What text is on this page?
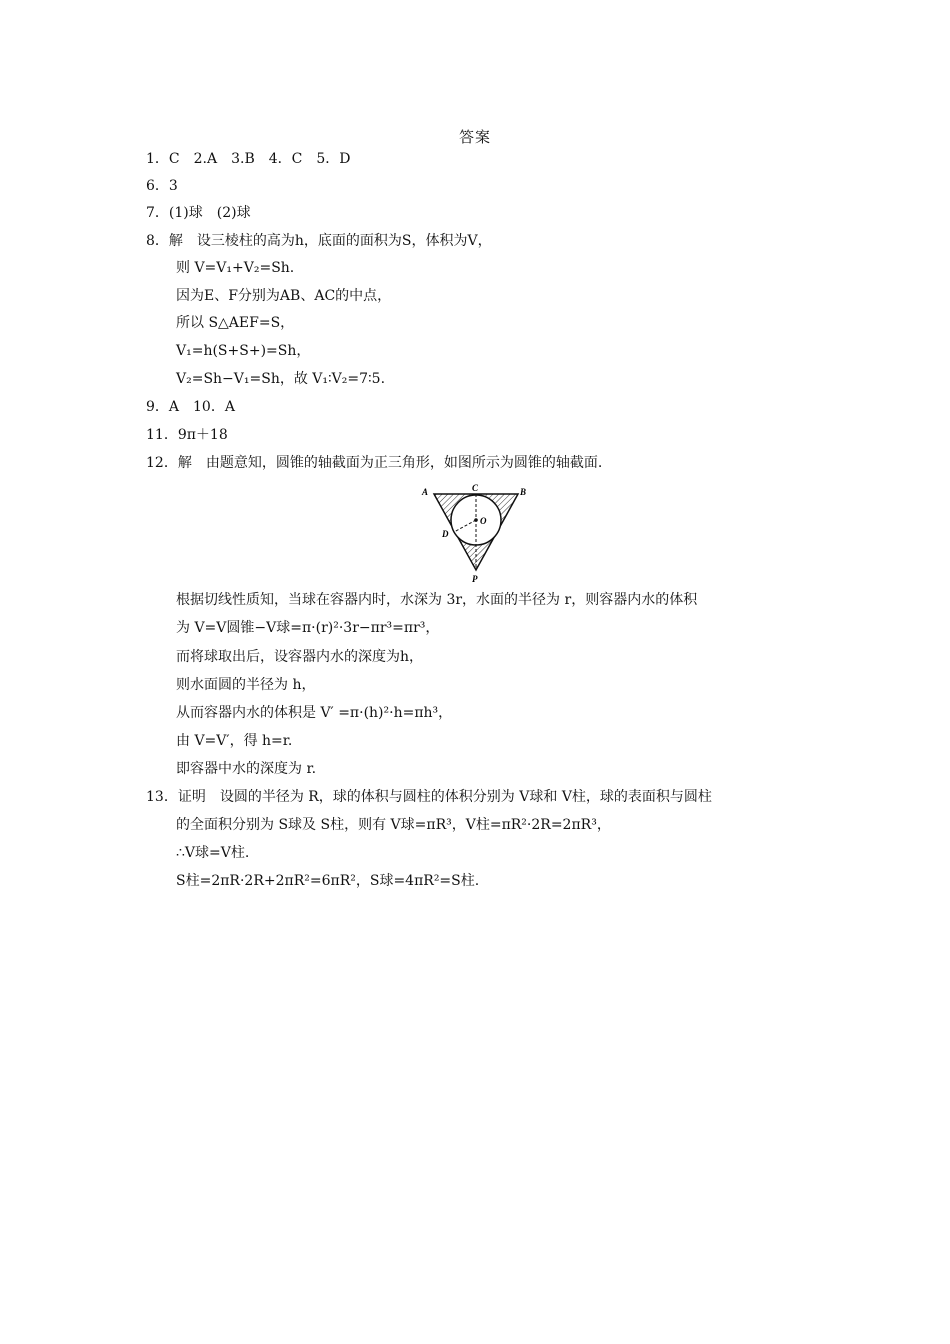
答案
1．C　2.A　3.B　4．C　5．D
6．3
7．(1)球　(2)球
8．解　设三棱柱的高为h，底面的面积为S，体积为V，
则 V=V₁+V₂=Sh.
因为E、F分别为AB、AC的中点，
所以 S△AEF=S，
V₁=h(S+S+)=Sh，
V₂=Sh−V₁=Sh，故 V₁∶V₂=7∶5.
9．A　10．A
11．9π＋18
12．解　由题意知，圆锥的轴截面为正三角形，如图所示为圆锥的轴截面.
A	B
C
O
D
P
根据切线性质知，当球在容器内时，水深为 3r，水面的半径为 r，则容器内水的体积
为 V=V圆锥−V球=π·(r)²·3r−πr³=πr³，
而将球取出后，设容器内水的深度为h，
则水面圆的半径为 h，
从而容器内水的体积是 V′ =π·(h)²·h=πh³，
由 V=V′，得 h=r.
即容器中水的深度为 r.
13．证明　设圆的半径为 R，球的体积与圆柱的体积分别为 V球和 V柱，球的表面积与圆柱
的全面积分别为 S球及 S柱，则有 V球=πR³，V柱=πR²·2R=2πR³，
∴V球=V柱.
S柱=2πR·2R+2πR²=6πR²，S球=4πR²=S柱.
